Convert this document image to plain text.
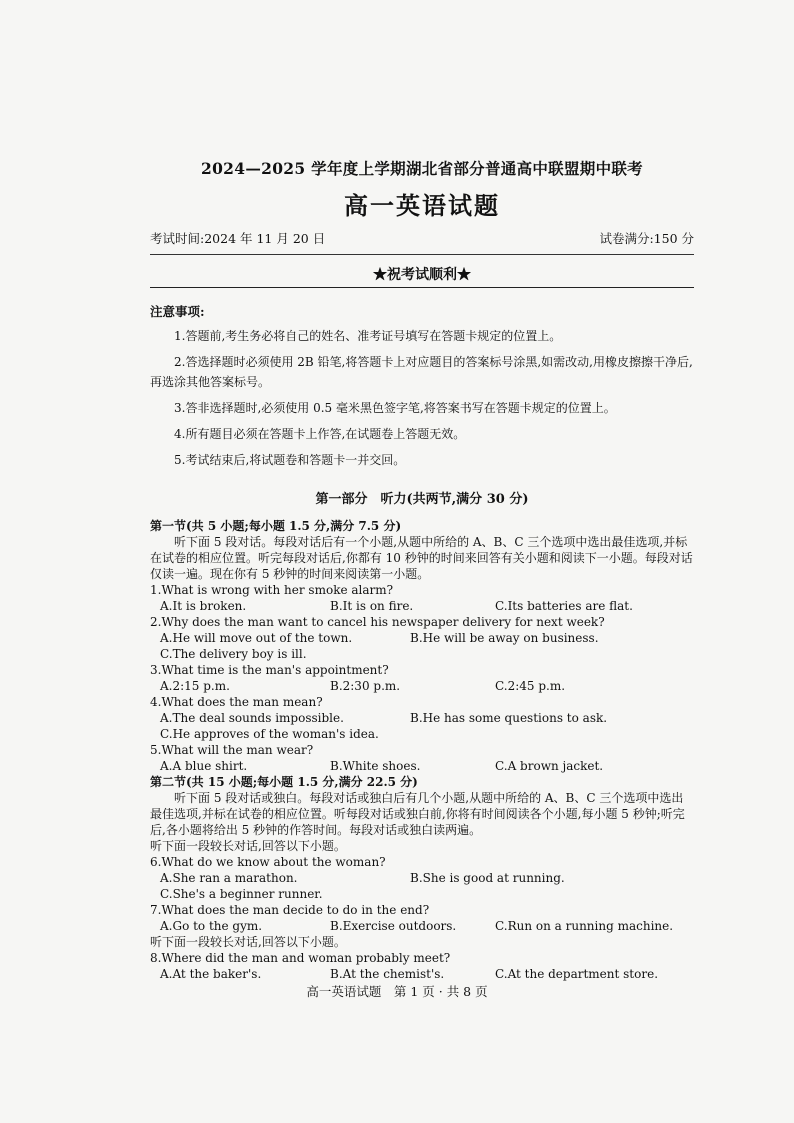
2024—2025 学年度上学期湖北省部分普通高中联盟期中联考
高一英语试题
考试时间:2024 年 11 月 20 日	试卷满分:150 分
★祝考试顺利★
注意事项:

1.答题前,考生务必将自己的姓名、准考证号填写在答题卡规定的位置上。

2.答选择题时必须使用 2B 铅笔,将答题卡上对应题目的答案标号涂黑,如需改动,用橡皮擦擦干净后,再选涂其他答案标号。

3.答非选择题时,必须使用 0.5 毫米黑色签字笔,将答案书写在答题卡规定的位置上。

4.所有题目必须在答题卡上作答,在试题卷上答题无效。

5.考试结束后,将试题卷和答题卡一并交回。

第一部分　听力(共两节,满分 30 分)
第一节(共 5 小题;每小题 1.5 分,满分 7.5 分)

听下面 5 段对话。每段对话后有一个小题,从题中所给的 A、B、C 三个选项中选出最佳选项,并标在试卷的相应位置。听完每段对话后,你都有 10 秒钟的时间来回答有关小题和阅读下一小题。每段对话仅读一遍。现在你有 5 秒钟的时间来阅读第一小题。

1.What is wrong with her smoke alarm?
A.It is broken.	B.It is on fire.	C.Its batteries are flat.
2.Why does the man want to cancel his newspaper delivery for next week?
A.He will move out of the town.	B.He will be away on business.
C.The delivery boy is ill.
3.What time is the man's appointment?
A.2:15 p.m.	B.2:30 p.m.	C.2:45 p.m.
4.What does the man mean?
A.The deal sounds impossible.	B.He has some questions to ask.
C.He approves of the woman's idea.
5.What will the man wear?
A.A blue shirt.	B.White shoes.	C.A brown jacket.
第二节(共 15 小题;每小题 1.5 分,满分 22.5 分)

听下面 5 段对话或独白。每段对话或独白后有几个小题,从题中所给的 A、B、C 三个选项中选出最佳选项,并标在试卷的相应位置。听每段对话或独白前,你将有时间阅读各个小题,每小题 5 秒钟;听完后,各小题将给出 5 秒钟的作答时间。每段对话或独白读两遍。

听下面一段较长对话,回答以下小题。
6.What do we know about the woman?
A.She ran a marathon.	B.She is good at running.
C.She's a beginner runner.
7.What does the man decide to do in the end?
A.Go to the gym.	B.Exercise outdoors.	C.Run on a running machine.
听下面一段较长对话,回答以下小题。
8.Where did the man and woman probably meet?
A.At the baker's.	B.At the chemist's.	C.At the department store.
高一英语试题　第 1 页 · 共 8 页
